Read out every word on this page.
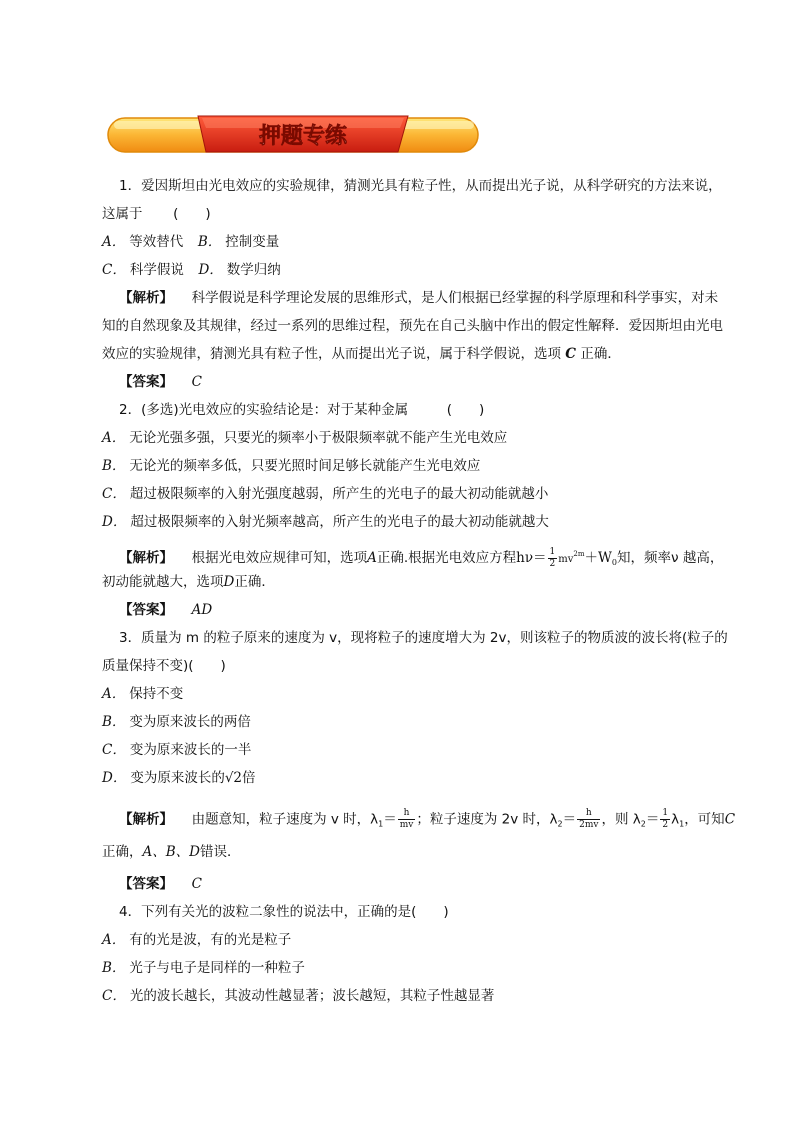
押题专练
1．爱因斯坦由光电效应的实验规律，猜测光具有粒子性，从而提出光子说，从科学研究的方法来说，
这属于 (　　)
A． 等效替代 B． 控制变量
C． 科学假说 D． 数学归纳
【解析】 科学假说是科学理论发展的思维形式，是人们根据已经掌握的科学原理和科学事实，对未
知的自然现象及其规律，经过一系列的思维过程，预先在自己头脑中作出的假定性解释．爱因斯坦由光电
效应的实验规律，猜测光具有粒子性，从而提出光子说，属于科学假说，选项 C 正确．
【答案】 C
2．(多选)光电效应的实验结论是：对于某种金属	(　　)
A． 无论光强多强，只要光的频率小于极限频率就不能产生光电效应
B． 无论光的频率多低，只要光照时间足够长就能产生光电效应
C． 超过极限频率的入射光强度越弱，所产生的光电子的最大初动能就越小
D． 超过极限频率的入射光频率越高，所产生的光电子的最大初动能就越大
【解析】 根据光电效应规律可知，选项A正确.根据光电效应方程$h\nu= \frac{1}{2} mv^{2m}+W_0$知，频率ν 越高，
初动能就越大，选项D正确．
【答案】 AD
3．质量为 m 的粒子原来的速度为 v，现将粒子的速度增大为 2v，则该粒子的物质波的波长将(粒子的
质量保持不变)(　　)
A． 保持不变
B． 变为原来波长的两倍
C． 变为原来波长的一半
D． 变为原来波长的√2倍
【解析】 由题意知，粒子速度为 v 时，$\lambda_1= \frac{h}{mv}$ ；粒子速度为 2v 时，$\lambda_2= \frac{h}{2mv}$ ，则 $\lambda_2= \frac{1}{2} \lambda_1$，可知C
正确，A、B、D错误．
【答案】 C
4．下列有关光的波粒二象性的说法中，正确的是(　　)
A． 有的光是波，有的光是粒子
B． 光子与电子是同样的一种粒子
C． 光的波长越长，其波动性越显著；波长越短，其粒子性越显著
